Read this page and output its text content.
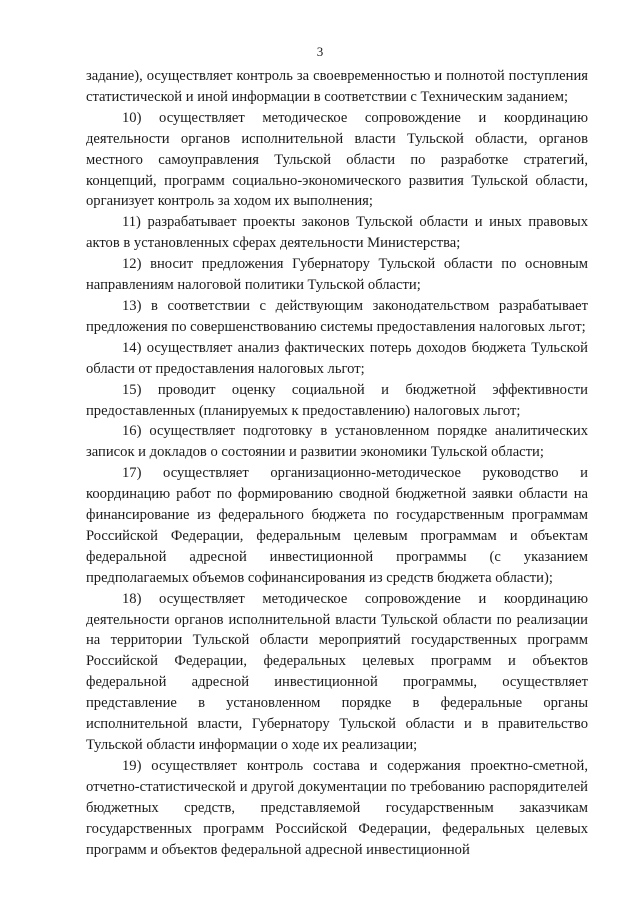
3

задание), осуществляет контроль за своевременностью и полнотой поступления статистической и иной информации в соответствии с Техническим заданием;

10) осуществляет методическое сопровождение и координацию деятельности органов исполнительной власти Тульской области, органов местного самоуправления Тульской области по разработке стратегий, концепций, программ социально-экономического развития Тульской области, организует контроль за ходом их выполнения;

11) разрабатывает проекты законов Тульской области и иных правовых актов в установленных сферах деятельности Министерства;

12) вносит предложения Губернатору Тульской области по основным направлениям налоговой политики Тульской области;

13) в соответствии с действующим законодательством разрабатывает предложения по совершенствованию системы предоставления налоговых льгот;

14) осуществляет анализ фактических потерь доходов бюджета Тульской области от предоставления налоговых льгот;

15) проводит оценку социальной и бюджетной эффективности предоставленных (планируемых к предоставлению) налоговых льгот;

16) осуществляет подготовку в установленном порядке аналитических записок и докладов о состоянии и развитии экономики Тульской области;

17) осуществляет организационно-методическое руководство и координацию работ по формированию сводной бюджетной заявки области на финансирование из федерального бюджета по государственным программам Российской Федерации, федеральным целевым программам и объектам федеральной адресной инвестиционной программы (с указанием предполагаемых объемов софинансирования из средств бюджета области);

18) осуществляет методическое сопровождение и координацию деятельности органов исполнительной власти Тульской области по реализации на территории Тульской области мероприятий государственных программ Российской Федерации, федеральных целевых программ и объектов федеральной адресной инвестиционной программы, осуществляет представление в установленном порядке в федеральные органы исполнительной власти, Губернатору Тульской области и в правительство Тульской области информации о ходе их реализации;

19) осуществляет контроль состава и содержания проектно-сметной, отчетно-статистической и другой документации по требованию распорядителей бюджетных средств, представляемой государственным заказчикам государственных программ Российской Федерации, федеральных целевых программ и объектов федеральной адресной инвестиционной
